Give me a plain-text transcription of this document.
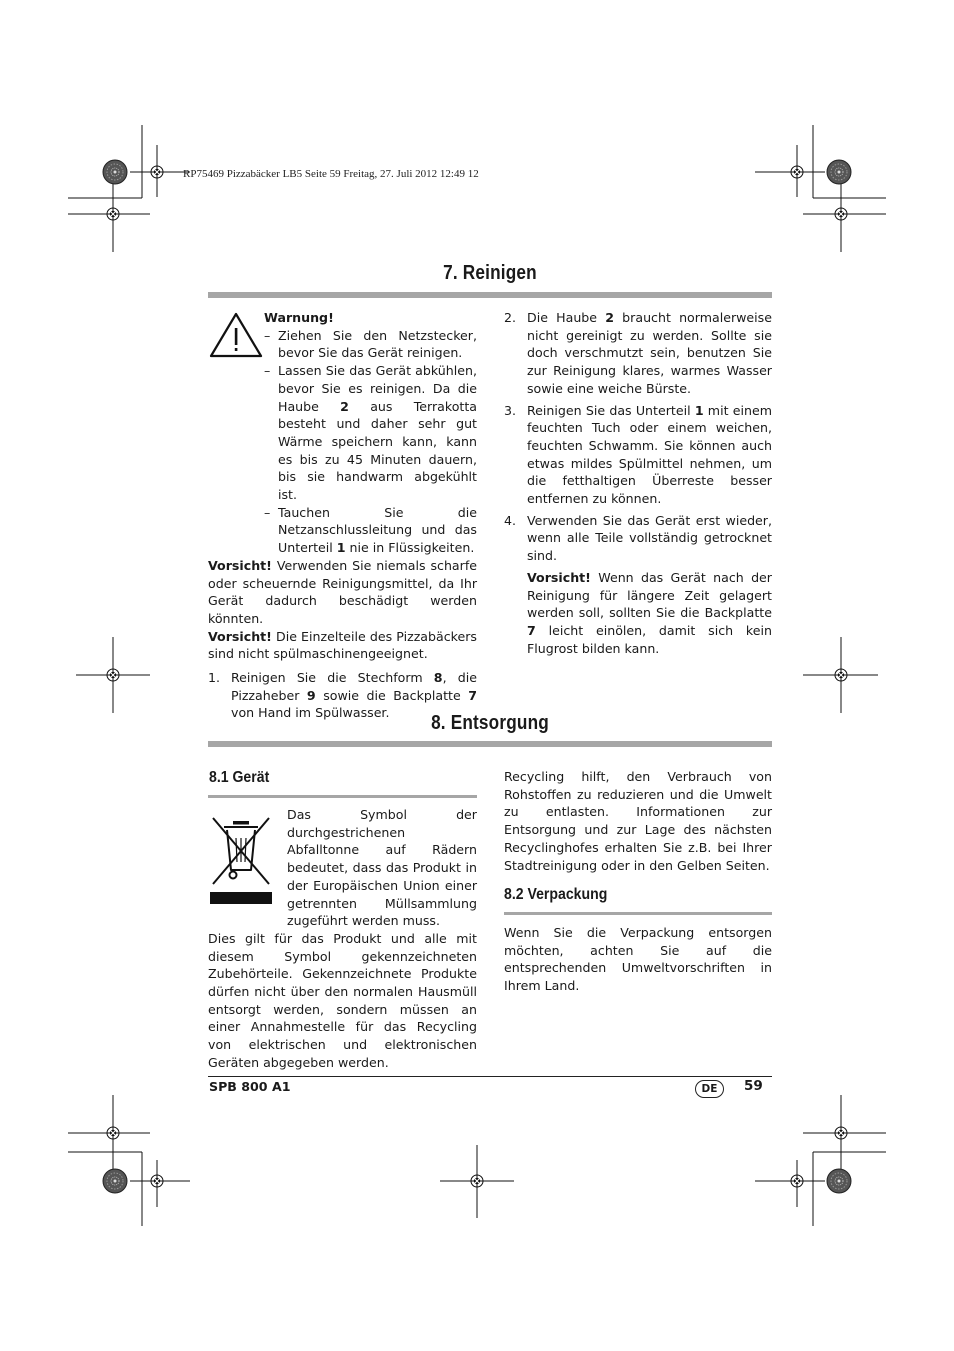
RP75469 Pizzabäcker LB5 Seite 59 Freitag, 27. Juli 2012 12:49 12
7. Reinigen

Warnung!

– Ziehen Sie den Netzstecker, bevor Sie das Gerät reinigen.
– Lassen Sie das Gerät abkühlen, bevor Sie es reinigen. Da die Haube 2 aus Terrakotta besteht und daher sehr gut Wärme speichern kann, kann es bis zu 45 Minuten dauern, bis sie handwarm abgekühlt ist.
– Tauchen Sie die Netzanschlussleitung und das Unterteil 1 nie in Flüssigkeiten.

Vorsicht! Verwenden Sie niemals scharfe oder scheuernde Reinigungsmittel, da Ihr Gerät dadurch beschädigt werden könnten.

Vorsicht! Die Einzelteile des Pizzabäckers sind nicht spülmaschinengeeignet.

1. Reinigen Sie die Stechform 8, die Pizzaheber 9 sowie die Backplatte 7 von Hand im Spülwasser.
2. Die Haube 2 braucht normalerweise nicht gereinigt zu werden. Sollte sie doch verschmutzt sein, benutzen Sie zur Reinigung klares, warmes Wasser sowie eine weiche Bürste.
3. Reinigen Sie das Unterteil 1 mit einem feuchten Tuch oder einem weichen, feuchten Schwamm. Sie können auch etwas mildes Spülmittel nehmen, um die fetthaltigen Überreste besser entfernen zu können.
4. Verwenden Sie das Gerät erst wieder, wenn alle Teile vollständig getrocknet sind.

Vorsicht! Wenn das Gerät nach der Reinigung für längere Zeit gelagert werden soll, sollten Sie die Backplatte 7 leicht einölen, damit sich kein Flugrost bilden kann.

8. Entsorgung
8.1 Gerät

Das Symbol der durchgestrichenen Abfalltonne auf Rädern bedeutet, dass das Produkt in der Europäischen Union einer getrennten Müllsammlung zugeführt werden muss.

Dies gilt für das Produkt und alle mit diesem Symbol gekennzeichneten Zubehörteile. Gekennzeichnete Produkte dürfen nicht über den normalen Hausmüll entsorgt werden, sondern müssen an einer Annahmestelle für das Recycling von elektrischen und elektronischen Geräten abgegeben werden.

Recycling hilft, den Verbrauch von Rohstoffen zu reduzieren und die Umwelt zu entlasten. Informationen zur Entsorgung und zur Lage des nächsten Recyclinghofes erhalten Sie z.B. bei Ihrer Stadtreinigung oder in den Gelben Seiten.

8.2 Verpackung

Wenn Sie die Verpackung entsorgen möchten, achten Sie auf die entsprechenden Umweltvorschriften in Ihrem Land.

SPB 800 A1	DE	59
